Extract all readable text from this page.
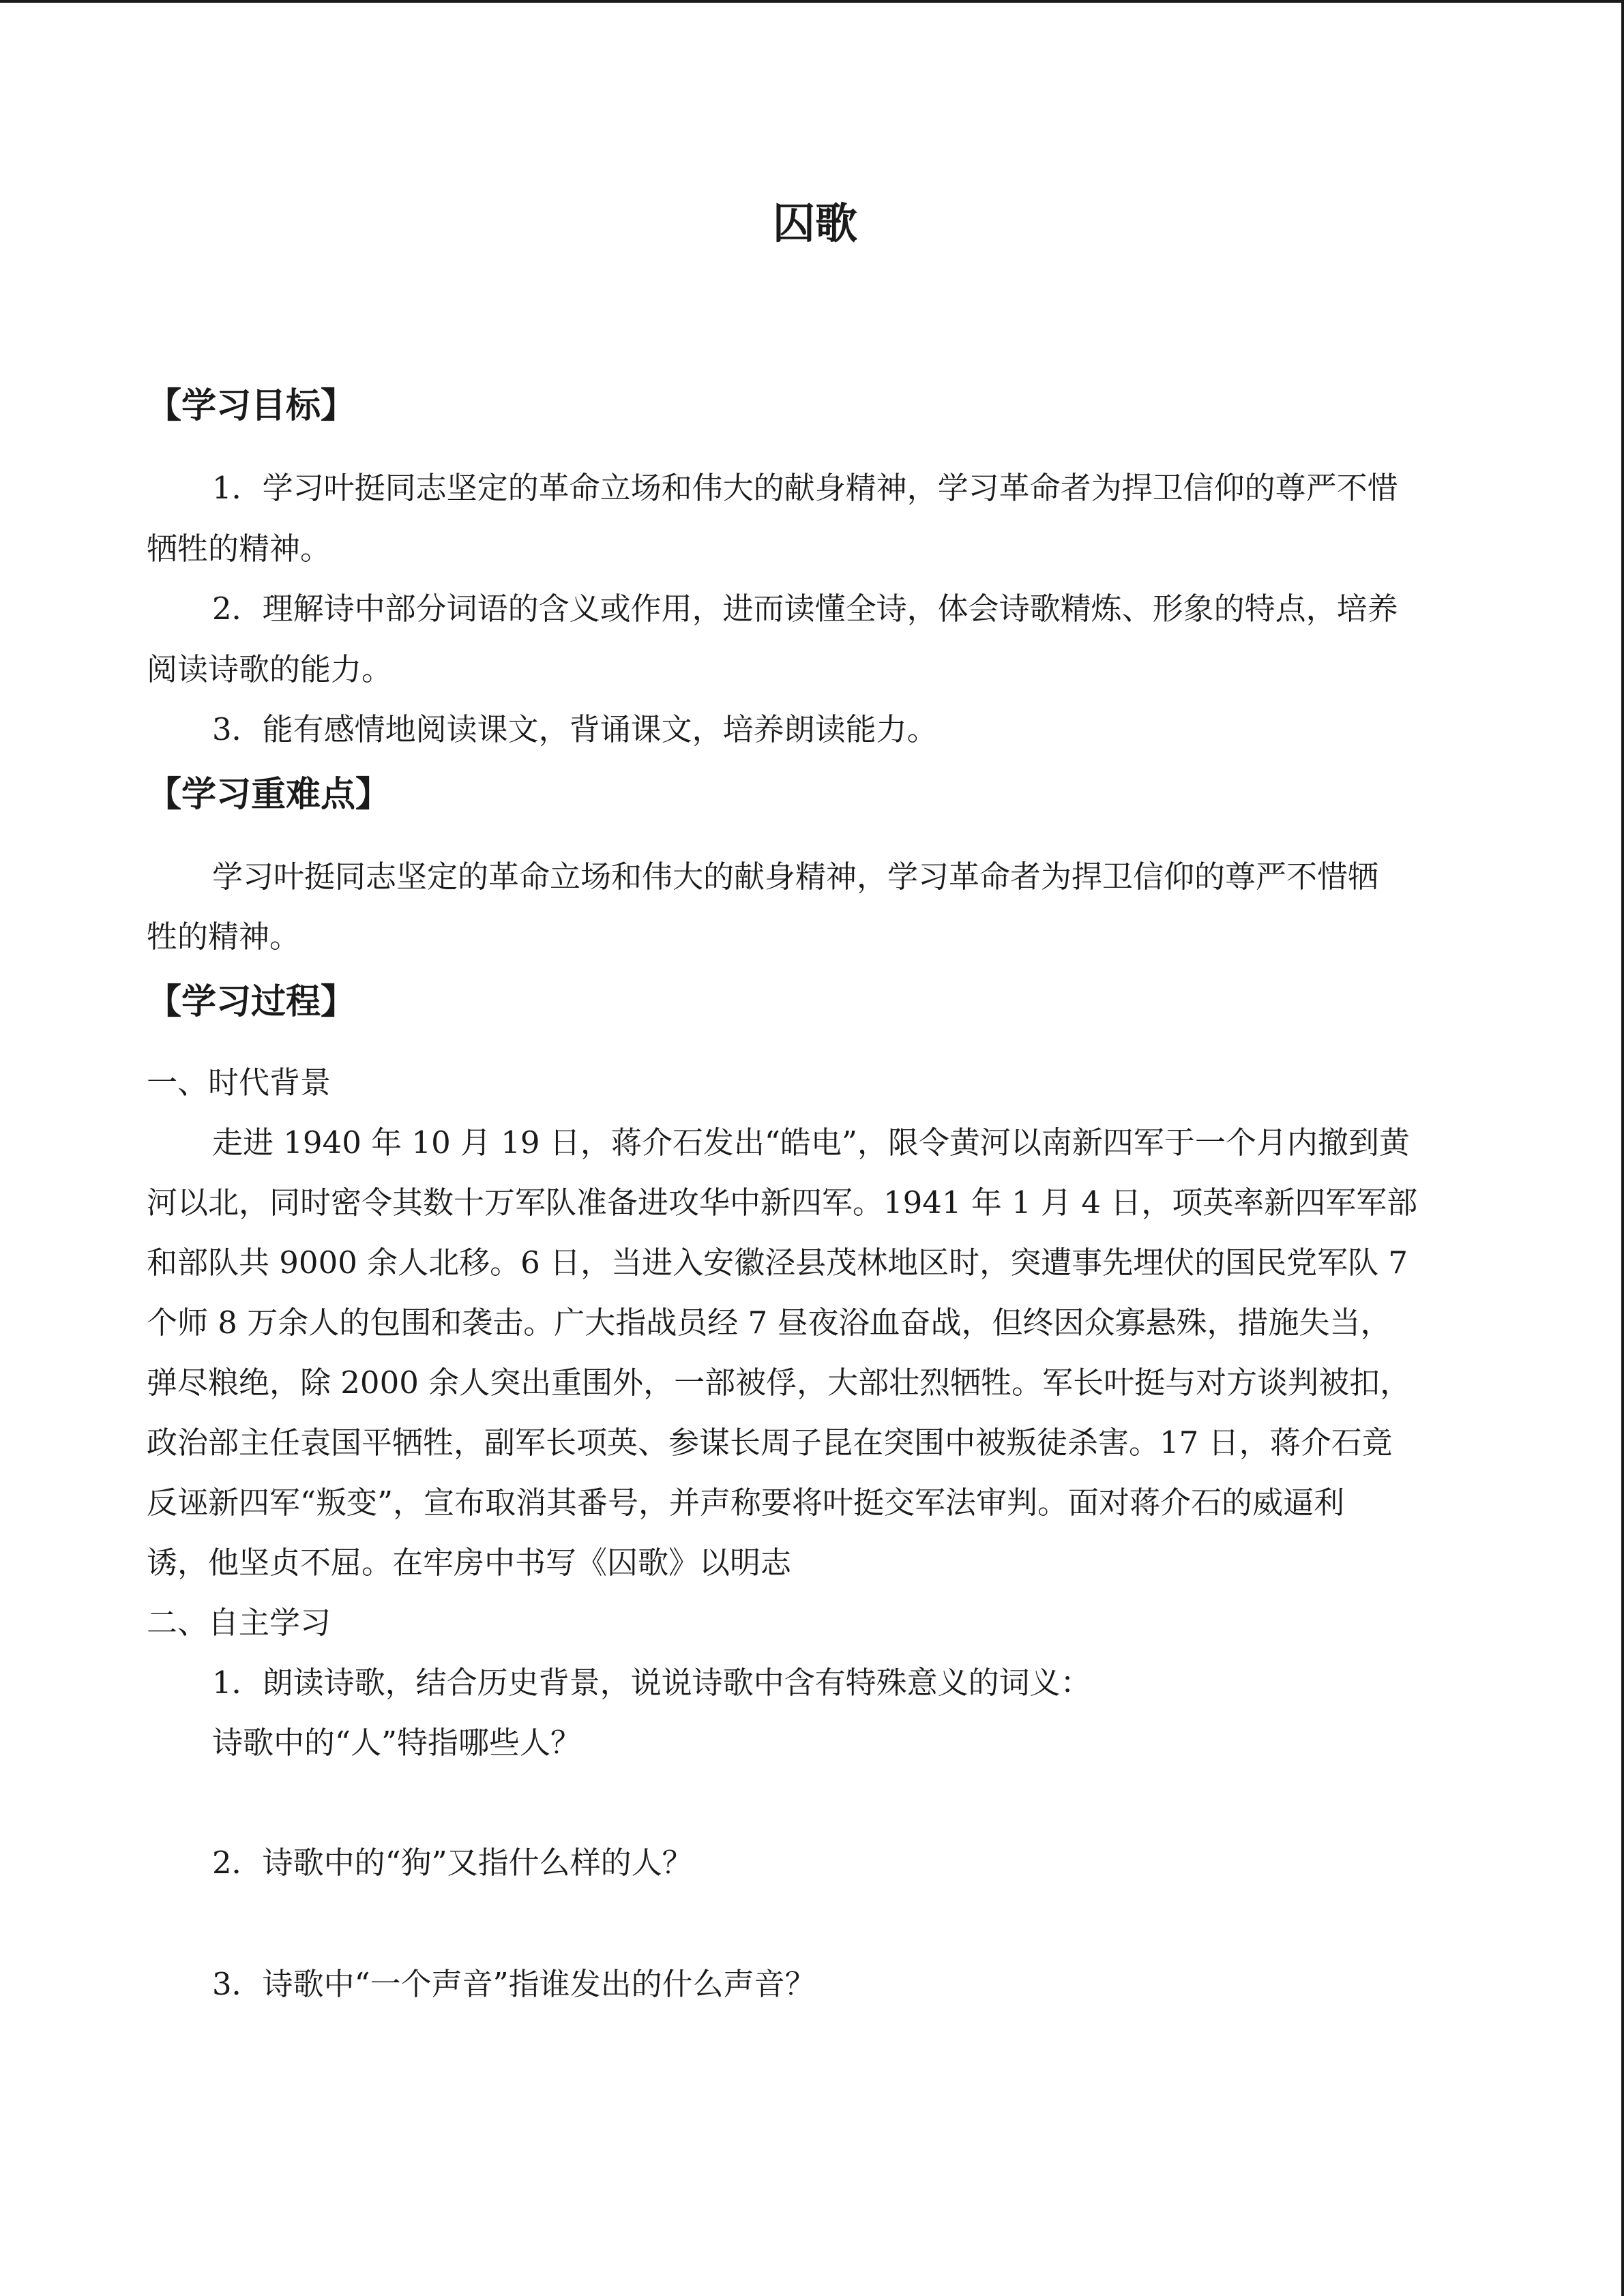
囚歌
【学习目标】
1．学习叶挺同志坚定的革命立场和伟大的献身精神，学习革命者为捍卫信仰的尊严不惜
牺牲的精神。
2．理解诗中部分词语的含义或作用，进而读懂全诗，体会诗歌精炼、形象的特点，培养
阅读诗歌的能力。
3．能有感情地阅读课文，背诵课文，培养朗读能力。
【学习重难点】
学习叶挺同志坚定的革命立场和伟大的献身精神，学习革命者为捍卫信仰的尊严不惜牺
牲的精神。
【学习过程】
一、时代背景
走进 1940 年 10 月 19 日，蒋介石发出“皓电”，限令黄河以南新四军于一个月内撤到黄
河以北，同时密令其数十万军队准备进攻华中新四军。1941 年 1 月 4 日，项英率新四军军部
和部队共 9000 余人北移。6 日，当进入安徽泾县茂林地区时，突遭事先埋伏的国民党军队 7
个师 8 万余人的包围和袭击。广大指战员经 7 昼夜浴血奋战，但终因众寡悬殊，措施失当，
弹尽粮绝，除 2000 余人突出重围外，一部被俘，大部壮烈牺牲。军长叶挺与对方谈判被扣，
政治部主任袁国平牺牲，副军长项英、参谋长周子昆在突围中被叛徒杀害。17 日，蒋介石竟
反诬新四军“叛变”，宣布取消其番号，并声称要将叶挺交军法审判。面对蒋介石的威逼利
诱，他坚贞不屈。在牢房中书写《囚歌》以明志
二、自主学习
1．朗读诗歌，结合历史背景，说说诗歌中含有特殊意义的词义：
诗歌中的“人”特指哪些人？
2．诗歌中的“狗”又指什么样的人？
3．诗歌中“一个声音”指谁发出的什么声音？
